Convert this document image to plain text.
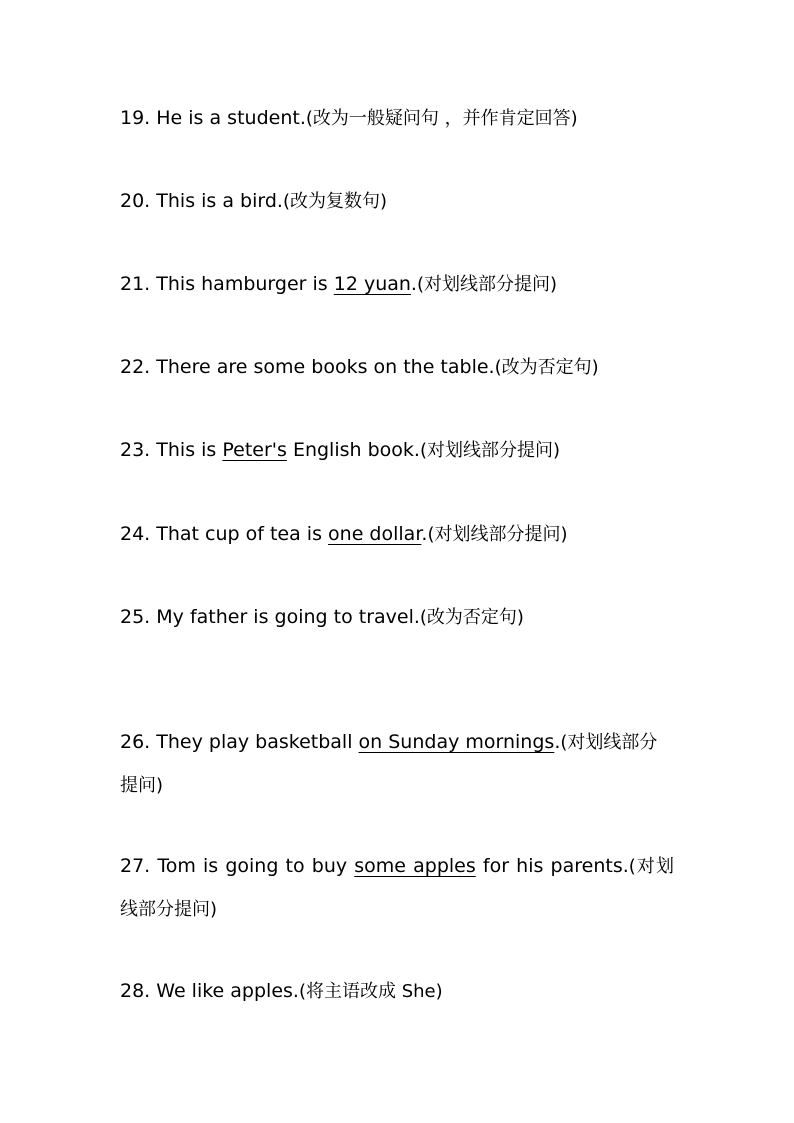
19. He is a student.(改为一般疑问句 ，并作肯定回答)
20. This is a bird.(改为复数句)
21. This hamburger is 12 yuan.(对划线部分提问)
22. There are some books on the table.(改为否定句)
23. This is Peter's English book.(对划线部分提问)
24. That cup of tea is one dollar.(对划线部分提问)
25. My father is going to travel.(改为否定句)
26. They play basketball on Sunday mornings.(对划线部分提问)
27. Tom is going to buy some apples for his parents.(对划线部分提问)
28. We like apples.(将主语改成 She)
